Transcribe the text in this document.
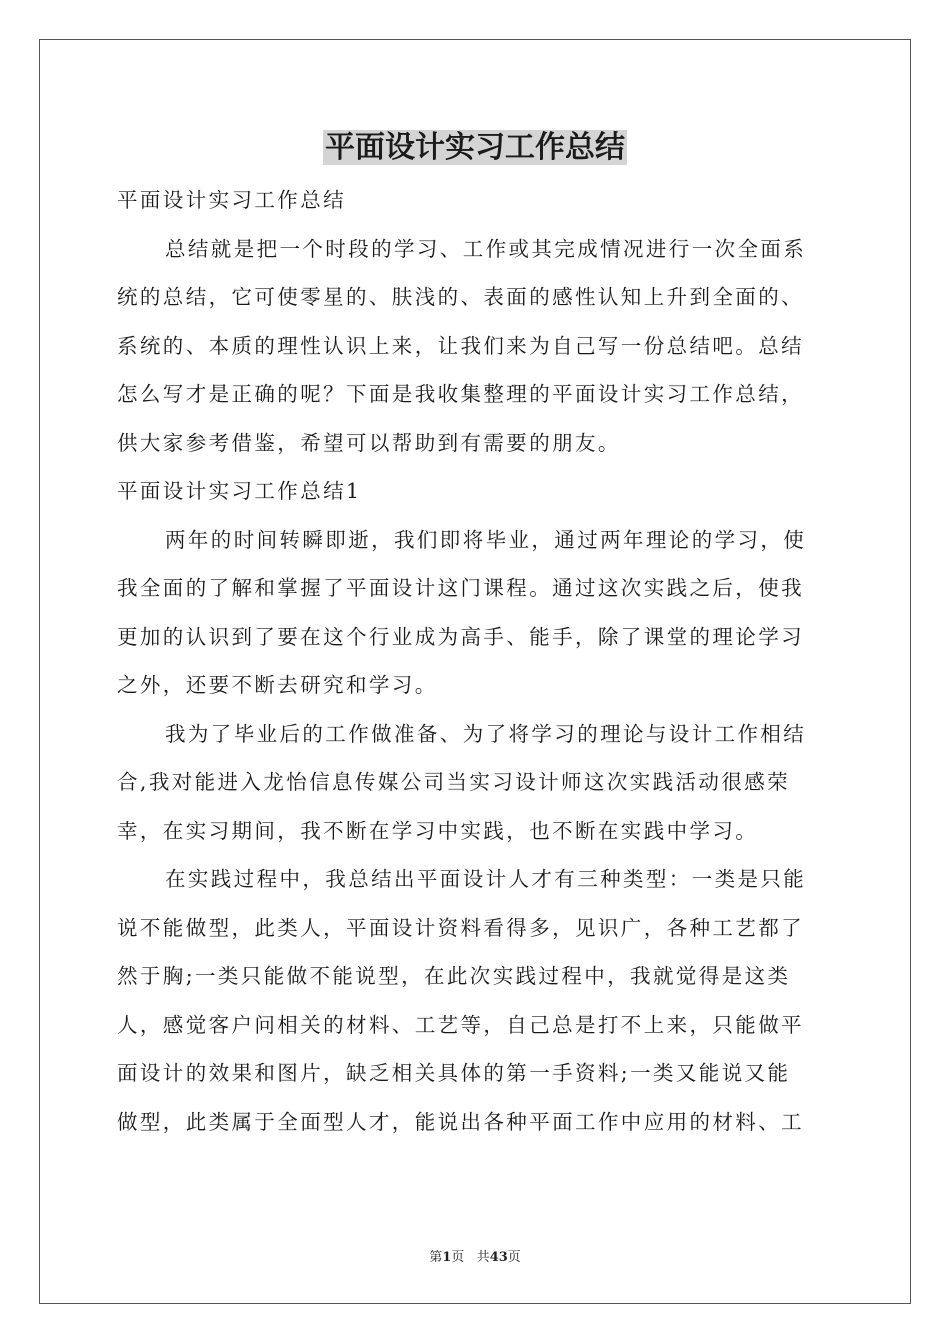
平面设计实习工作总结

平面设计实习工作总结

总结就是把一个时段的学习、工作或其完成情况进行一次全面系

统的总结，它可使零星的、肤浅的、表面的感性认知上升到全面的、

系统的、本质的理性认识上来，让我们来为自己写一份总结吧。总结

怎么写才是正确的呢？下面是我收集整理的平面设计实习工作总结，

供大家参考借鉴，希望可以帮助到有需要的朋友。

平面设计实习工作总结1

两年的时间转瞬即逝，我们即将毕业，通过两年理论的学习，使

我全面的了解和掌握了平面设计这门课程。通过这次实践之后，使我

更加的认识到了要在这个行业成为高手、能手，除了课堂的理论学习

之外，还要不断去研究和学习。

我为了毕业后的工作做准备、为了将学习的理论与设计工作相结

合,我对能进入龙怡信息传媒公司当实习设计师这次实践活动很感荣

幸，在实习期间，我不断在学习中实践，也不断在实践中学习。

在实践过程中，我总结出平面设计人才有三种类型：一类是只能

说不能做型，此类人，平面设计资料看得多，见识广，各种工艺都了

然于胸;一类只能做不能说型，在此次实践过程中，我就觉得是这类

人，感觉客户问相关的材料、工艺等，自己总是打不上来，只能做平

面设计的效果和图片，缺乏相关具体的第一手资料;一类又能说又能

做型，此类属于全面型人才，能说出各种平面工作中应用的材料、工

第1页 共43页
